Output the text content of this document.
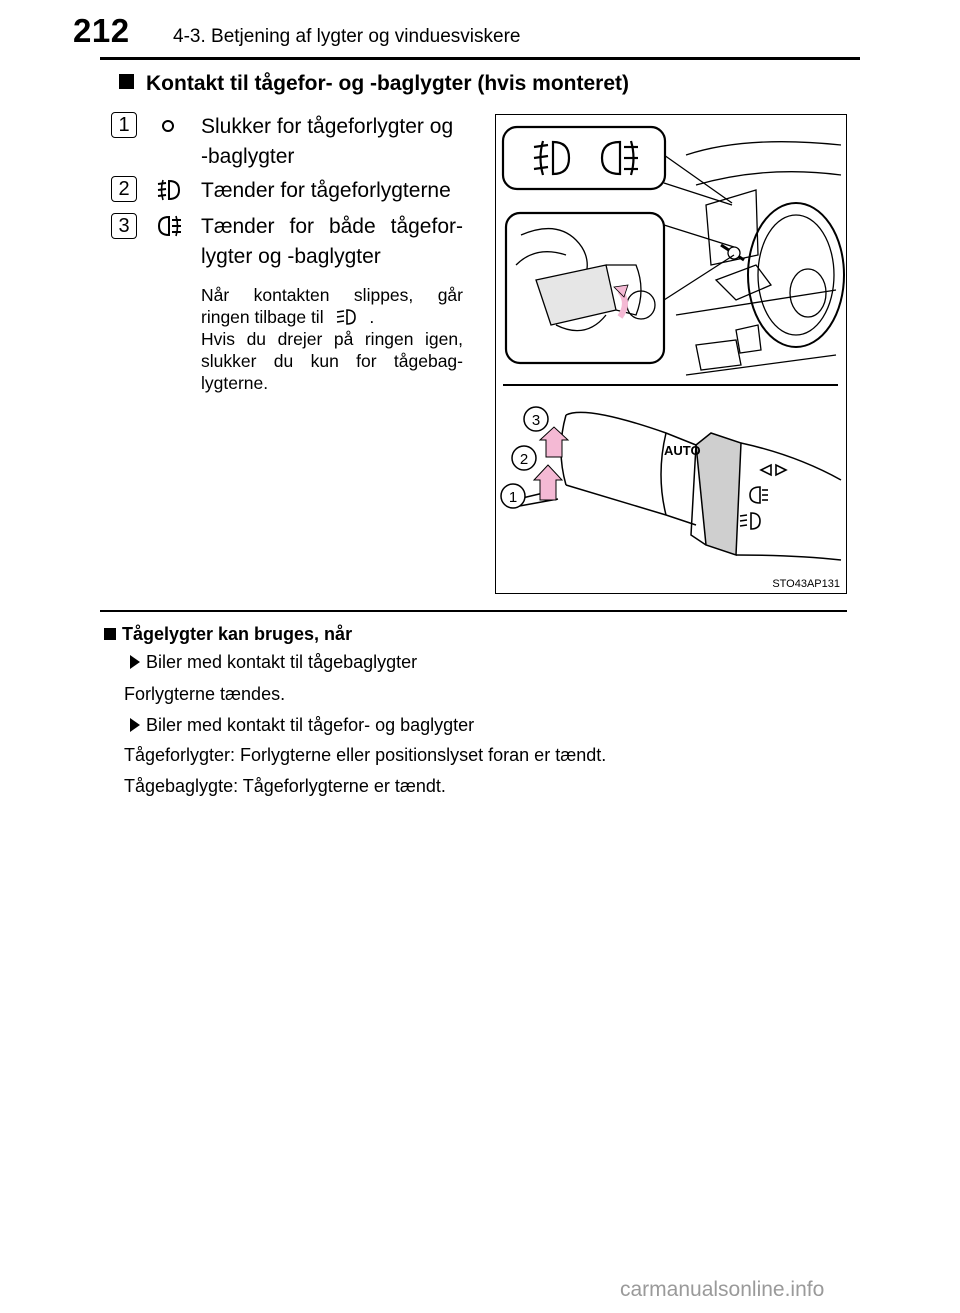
212 4-3. Betjening af lygter og vinduesviskere
Kontakt til tågefor- og -baglygter (hvis monteret)
1	Slukker for tågeforlygter og
-baglygter
2	Tænder for tågeforlygterne
3	Tænder for både tågefor-
lygter og -baglygter
Når kontakten slippes, går
ringen tilbage til	.
Hvis du drejer på ringen igen,
slukker du kun for tågebag-
lygterne.
AUTO
3
2
1
STO43AP131
Tågelygter kan bruges, når
Biler med kontakt til tågebaglygter
Forlygterne tændes.
Biler med kontakt til tågefor- og baglygter
Tågeforlygter: Forlygterne eller positionslyset foran er tændt.
Tågebaglygte: Tågeforlygterne er tændt.
carmanualsonline.info
